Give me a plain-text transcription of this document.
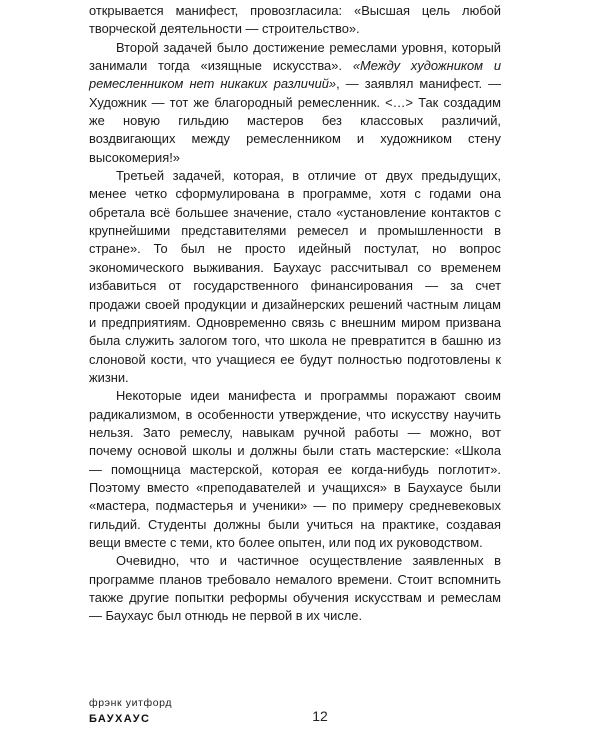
открывается манифест, провозгласила: «Высшая цель любой творческой деятельности — строительство».

Второй задачей было достижение ремеслами уровня, который занимали тогда «изящные искусства». «Между художником и ремесленником нет никаких различий», — заявлял манифест. — Художник — тот же благородный ремесленник. <…> Так создадим же новую гильдию мастеров без классовых различий, воздвигающих между ремесленником и художником стену высокомерия!»

Третьей задачей, которая, в отличие от двух предыдущих, менее четко сформулирована в программе, хотя с годами она обретала всё большее значение, стало «установление контактов с крупнейшими представителями ремесел и промышленности в стране». То был не просто идейный постулат, но вопрос экономического выживания. Баухаус рассчитывал со временем избавиться от государственного финансирования — за счет продажи своей продукции и дизайнерских решений частным лицам и предприятиям. Одновременно связь с внешним миром призвана была служить залогом того, что школа не превратится в башню из слоновой кости, что учащиеся ее будут полностью подготовлены к жизни.

Некоторые идеи манифеста и программы поражают своим радикализмом, в особенности утверждение, что искусству научить нельзя. Зато ремеслу, навыкам ручной работы — можно, вот почему основой школы и должны были стать мастерские: «Школа — помощница мастерской, которая ее когда-нибудь поглотит». Поэтому вместо «преподавателей и учащихся» в Баухаусе были «мастера, подмастерья и ученики» — по примеру средневековых гильдий. Студенты должны были учиться на практике, создавая вещи вместе с теми, кто более опытен, или под их руководством.

Очевидно, что и частичное осуществление заявленных в программе планов требовало немалого времени. Стоит вспомнить также другие попытки реформы обучения искусствам и ремеслам — Баухаус был отнюдь не первой в их числе.

фрэнк уитфорд
БАУХАУС	12
